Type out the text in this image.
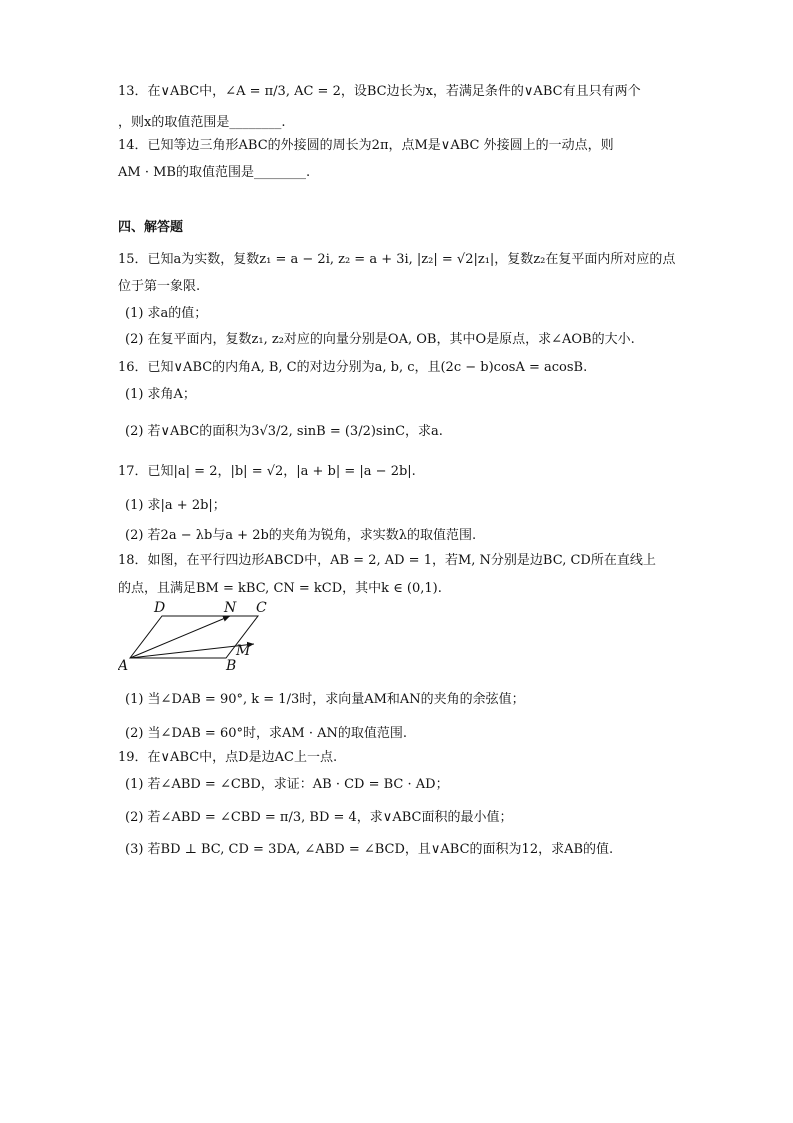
13．在∨ABC中，∠A = π/3, AC = 2，设BC边长为x，若满足条件的∨ABC有且只有两个
，则x的取值范围是________.
14．已知等边三角形ABC的外接圆的周长为2π，点M是∨ABC 外接圆上的一动点，则
AM · MB的取值范围是________.
四、解答题
15．已知a为实数，复数z₁ = a − 2i, z₂ = a + 3i, |z₂| = √2|z₁|，复数z₂在复平面内所对应的点
位于第一象限.
(1) 求a的值；
(2) 在复平面内，复数z₁, z₂对应的向量分别是OA, OB，其中O是原点，求∠AOB的大小.
16．已知∨ABC的内角A, B, C的对边分别为a, b, c，且(2c − b)cosA = acosB.
(1) 求角A；
(2) 若∨ABC的面积为3√3/2, sinB = (3/2)sinC，求a.
17．已知|a| = 2，|b| = √2，|a + b| = |a − 2b|.
(1) 求|a + 2b|；
(2) 若2a − λb与a + 2b的夹角为锐角，求实数λ的取值范围.
18．如图，在平行四边形ABCD中，AB = 2, AD = 1，若M, N分别是边BC, CD所在直线上
的点，且满足BM = kBC, CN = kCD，其中k ∈ (0,1).
D	N C
M
A	B
(1) 当∠DAB = 90°, k = 1/3时，求向量AM和AN的夹角的余弦值；
(2) 当∠DAB = 60°时，求AM · AN的取值范围.
19．在∨ABC中，点D是边AC上一点.
(1) 若∠ABD = ∠CBD，求证：AB · CD = BC · AD；
(2) 若∠ABD = ∠CBD = π/3, BD = 4，求∨ABC面积的最小值；
(3) 若BD ⊥ BC, CD = 3DA, ∠ABD = ∠BCD，且∨ABC的面积为12，求AB的值.
